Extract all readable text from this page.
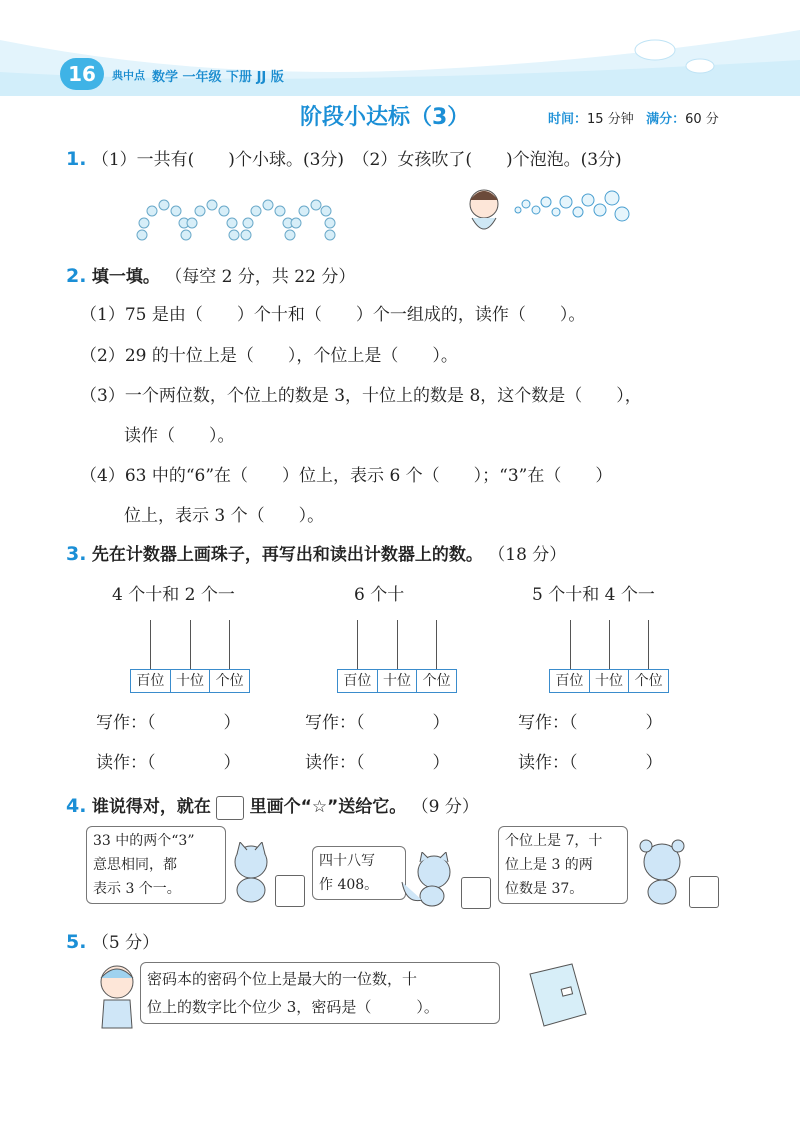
16	典中点 数学 一年级 下册 JJ 版
阶段小达标（3）	时间：15 分钟 满分：60 分
1. （1）一共有(　　)个小球。(3分)　（2）女孩吹了(　　)个泡泡。(3分)
2. 填一填。 （每空 2 分，共 22 分）
（1）75 是由（　　）个十和（　　）个一组成的，读作（　　）。
（2）29 的十位上是（　　），个位上是（　　）。
（3）一个两位数，个位上的数是 3，十位上的数是 8，这个数是（　　），
读作（　　）。
（4）63 中的“6”在（　　）位上，表示 6 个（　　）；“3”在（　　）
位上，表示 3 个（　　）。
3. 先在计数器上画珠子，再写出和读出计数器上的数。 （18 分）
4 个十和 2 个一
百位 十位 个位
写作：（　　　　）
读作：（　　　　）
6 个十
百位 十位 个位
写作：（　　　　）
读作：（　　　　）
5 个十和 4 个一
百位 十位 个位
写作：（　　　　）
读作：（　　　　）
4. 谁说得对，就在 里画个“☆”送给它。 （9 分）
33 中的两个“3”
意思相同，都
表示 3 个一。
四十八写
作 408。
个位上是 7，十
位上是 3 的两
位数是 37。
5. （5 分）
密码本的密码个位上是最大的一位数，十
位上的数字比个位少 3，密码是（　　　）。
